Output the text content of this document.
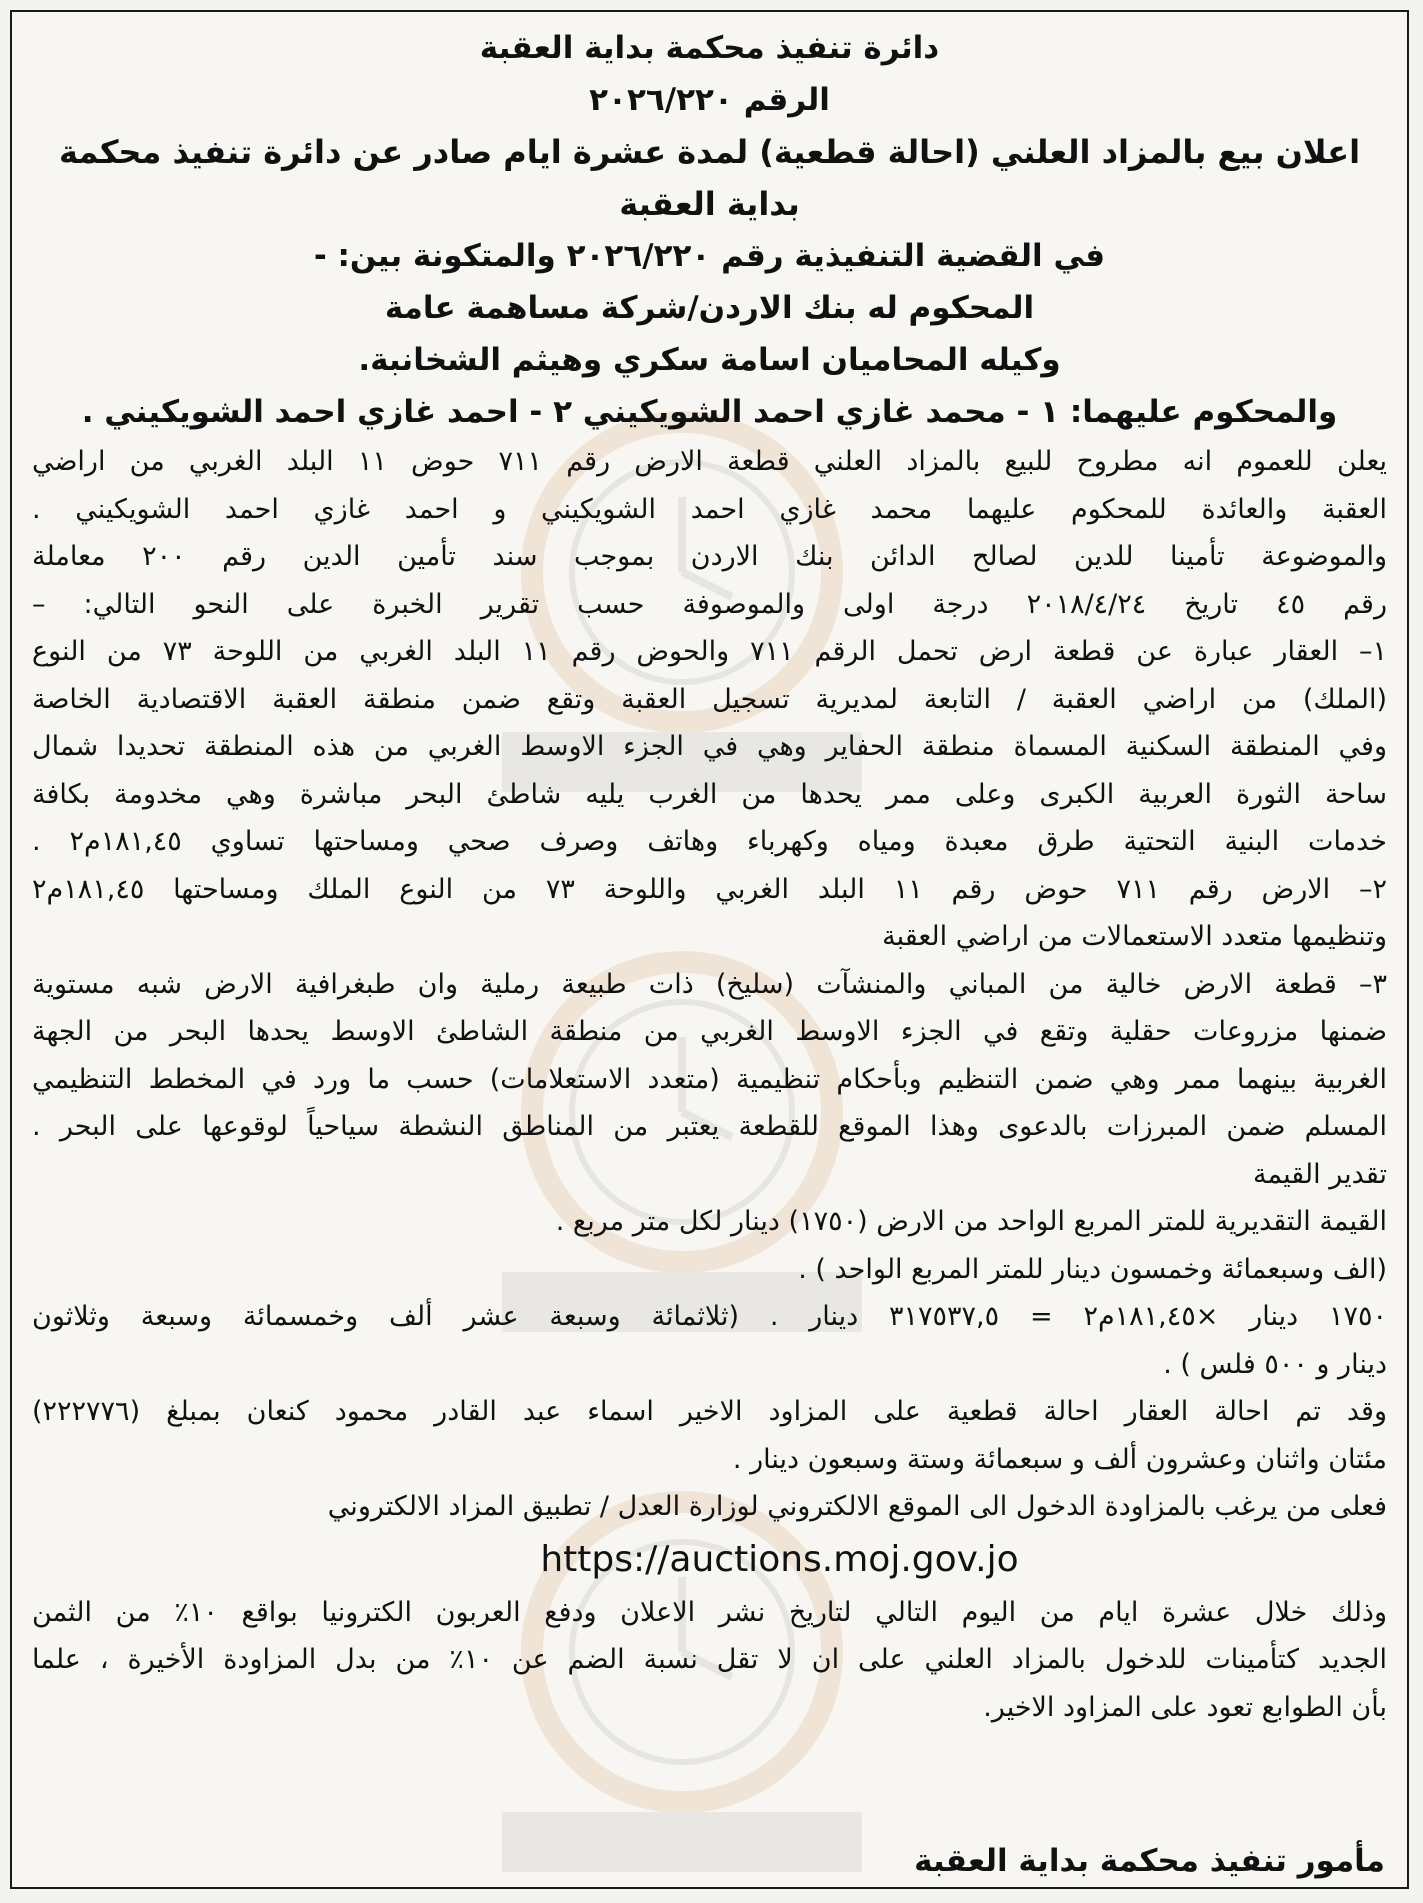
دائرة تنفيذ محكمة بداية العقبة
الرقم ٢٠٢٦/٢٢٠
اعلان بيع بالمزاد العلني (احالة قطعية) لمدة عشرة ايام صادر عن دائرة تنفيذ محكمة بداية العقبة
في القضية التنفيذية رقم ٢٠٢٦/٢٢٠ والمتكونة بين: -
المحكوم له بنك الاردن/شركة مساهمة عامة
وكيله المحاميان اسامة سكري وهيثم الشخانبة.
والمحكوم عليهما: ١ - محمد غازي احمد الشويكيني ٢ - احمد غازي احمد الشويكيني .
يعلن للعموم انه مطروح للبيع بالمزاد العلني قطعة الارض رقم ٧١١ حوض ١١ البلد الغربي من اراضي
العقبة والعائدة للمحكوم عليهما محمد غازي احمد الشويكيني و احمد غازي احمد الشويكيني .
والموضوعة تأمينا للدين لصالح الدائن بنك الاردن بموجب سند تأمين الدين رقم ٢٠٠ معاملة
رقم ٤٥ تاريخ ٢٠١٨/٤/٢٤ درجة اولى والموصوفة حسب تقرير الخبرة على النحو التالي: –
١– العقار عبارة عن قطعة ارض تحمل الرقم ٧١١ والحوض رقم ١١ البلد الغربي من اللوحة ٧٣ من النوع
(الملك) من اراضي العقبة / التابعة لمديرية تسجيل العقبة وتقع ضمن منطقة العقبة الاقتصادية الخاصة
وفي المنطقة السكنية المسماة منطقة الحفاير وهي في الجزء الاوسط الغربي من هذه المنطقة تحديدا شمال
ساحة الثورة العربية الكبرى وعلى ممر يحدها من الغرب يليه شاطئ البحر مباشرة وهي مخدومة بكافة
خدمات البنية التحتية طرق معبدة ومياه وكهرباء وهاتف وصرف صحي ومساحتها تساوي ١٨١,٤٥م٢ .
٢– الارض رقم ٧١١ حوض رقم ١١ البلد الغربي واللوحة ٧٣ من النوع الملك ومساحتها ١٨١,٤٥م٢
وتنظيمها متعدد الاستعمالات من اراضي العقبة
٣– قطعة الارض خالية من المباني والمنشآت (سليخ) ذات طبيعة رملية وان طبغرافية الارض شبه مستوية
ضمنها مزروعات حقلية وتقع في الجزء الاوسط الغربي من منطقة الشاطئ الاوسط يحدها البحر من الجهة
الغربية بينهما ممر وهي ضمن التنظيم وبأحكام تنظيمية (متعدد الاستعلامات) حسب ما ورد في المخطط التنظيمي
المسلم ضمن المبرزات بالدعوى وهذا الموقع للقطعة يعتبر من المناطق النشطة سياحياً لوقوعها على البحر .
تقدير القيمة
القيمة التقديرية للمتر المربع الواحد من الارض (١٧٥٠) دينار لكل متر مربع .
(الف وسبعمائة وخمسون دينار للمتر المربع الواحد ) .
١٧٥٠ دينار ×١٨١,٤٥م٢ = ٣١٧٥٣٧,٥ دينار . (ثلاثمائة وسبعة عشر ألف وخمسمائة وسبعة وثلاثون
دينار و ٥٠٠ فلس ) .
وقد تم احالة العقار احالة قطعية على المزاود الاخير اسماء عبد القادر محمود كنعان بمبلغ (٢٢٢٧٧٦)
مئتان واثنان وعشرون ألف و سبعمائة وستة وسبعون دينار .
فعلى من يرغب بالمزاودة الدخول الى الموقع الالكتروني لوزارة العدل / تطبيق المزاد الالكتروني
https://auctions.moj.gov.jo
وذلك خلال عشرة ايام من اليوم التالي لتاريخ نشر الاعلان ودفع العربون الكترونيا بواقع ١٠٪ من الثمن
الجديد كتأمينات للدخول بالمزاد العلني على ان لا تقل نسبة الضم عن ١٠٪ من بدل المزاودة الأخيرة ، علما
بأن الطوابع تعود على المزاود الاخير.
مأمور تنفيذ محكمة بداية العقبة
